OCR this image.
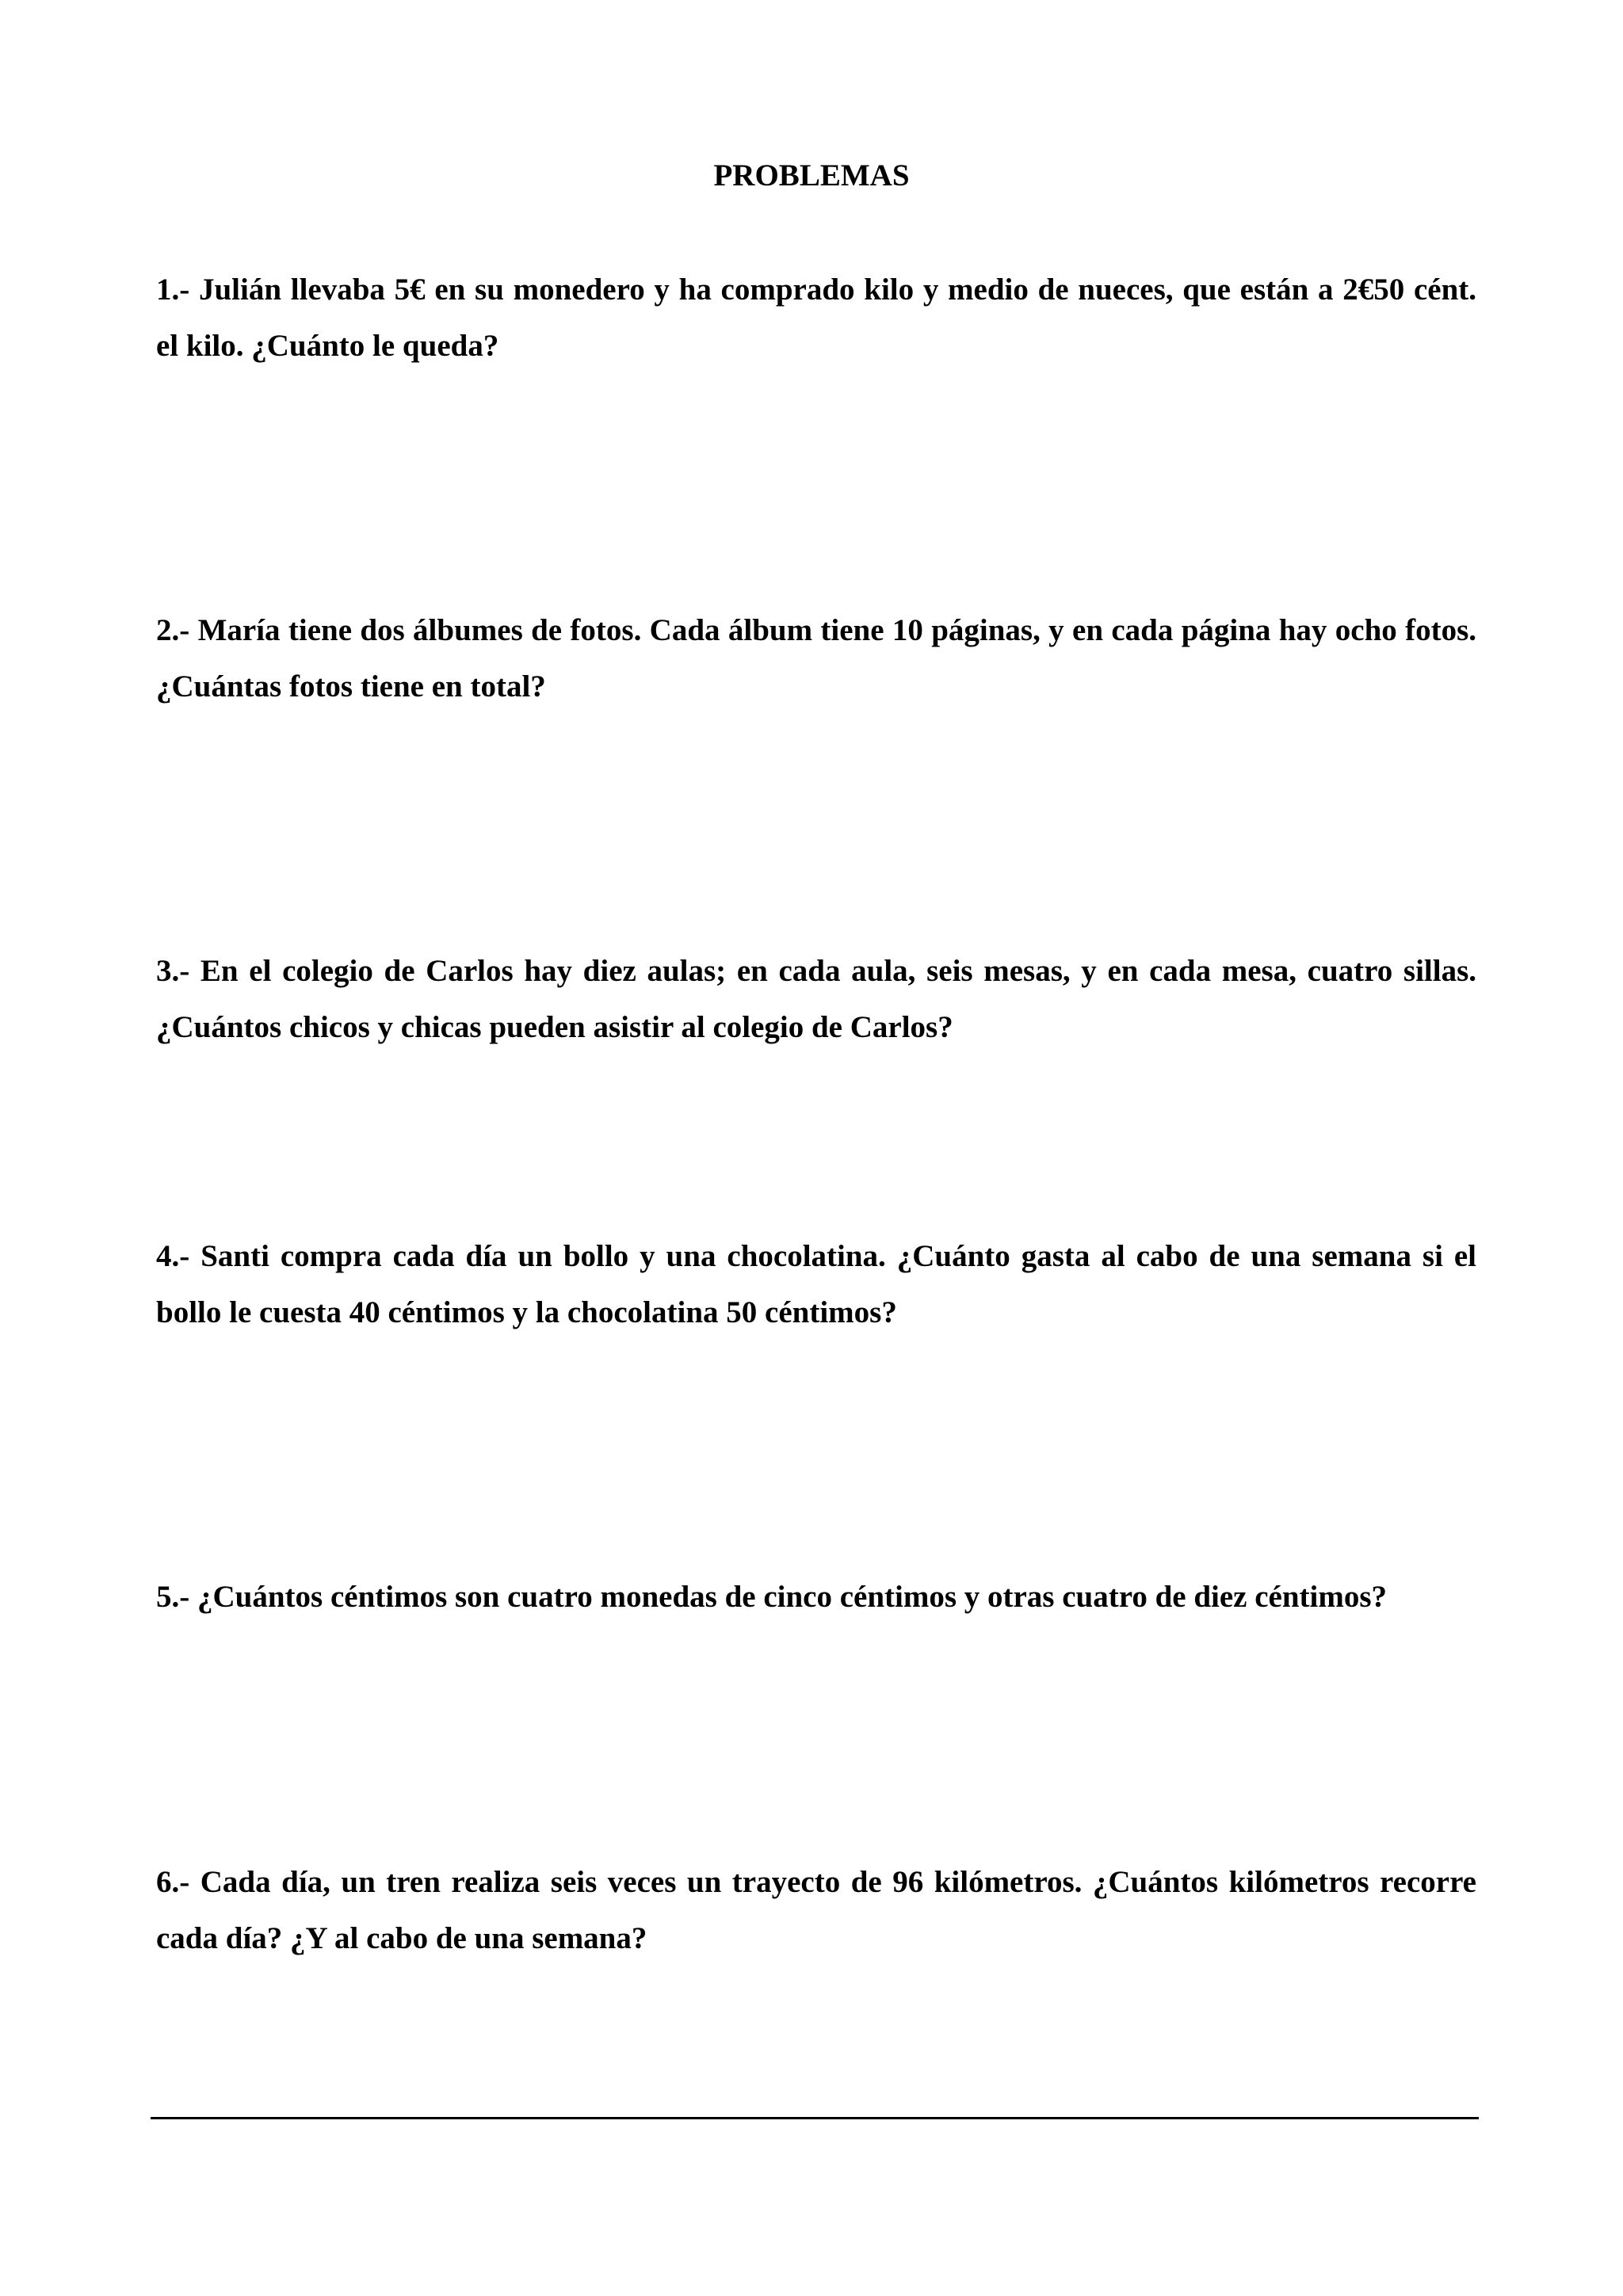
PROBLEMAS

1.- Julián llevaba 5€ en su monedero y ha comprado kilo y medio de nueces, que están a 2€50 cént. el kilo. ¿Cuánto le queda?

2.- María tiene dos álbumes de fotos. Cada álbum tiene 10 páginas, y en cada página hay ocho fotos. ¿Cuántas fotos tiene en total?

3.- En el colegio de Carlos hay diez aulas; en cada aula, seis mesas, y en cada mesa, cuatro sillas. ¿Cuántos chicos y chicas pueden asistir al colegio de Carlos?

4.- Santi compra cada día un bollo y una chocolatina. ¿Cuánto gasta al cabo de una semana si el bollo le cuesta 40 céntimos y la chocolatina 50 céntimos?

5.- ¿Cuántos céntimos son cuatro monedas de cinco céntimos y otras cuatro de diez céntimos?

6.- Cada día, un tren realiza seis veces un trayecto de 96 kilómetros. ¿Cuántos kilómetros recorre cada día? ¿Y al cabo de una semana?
